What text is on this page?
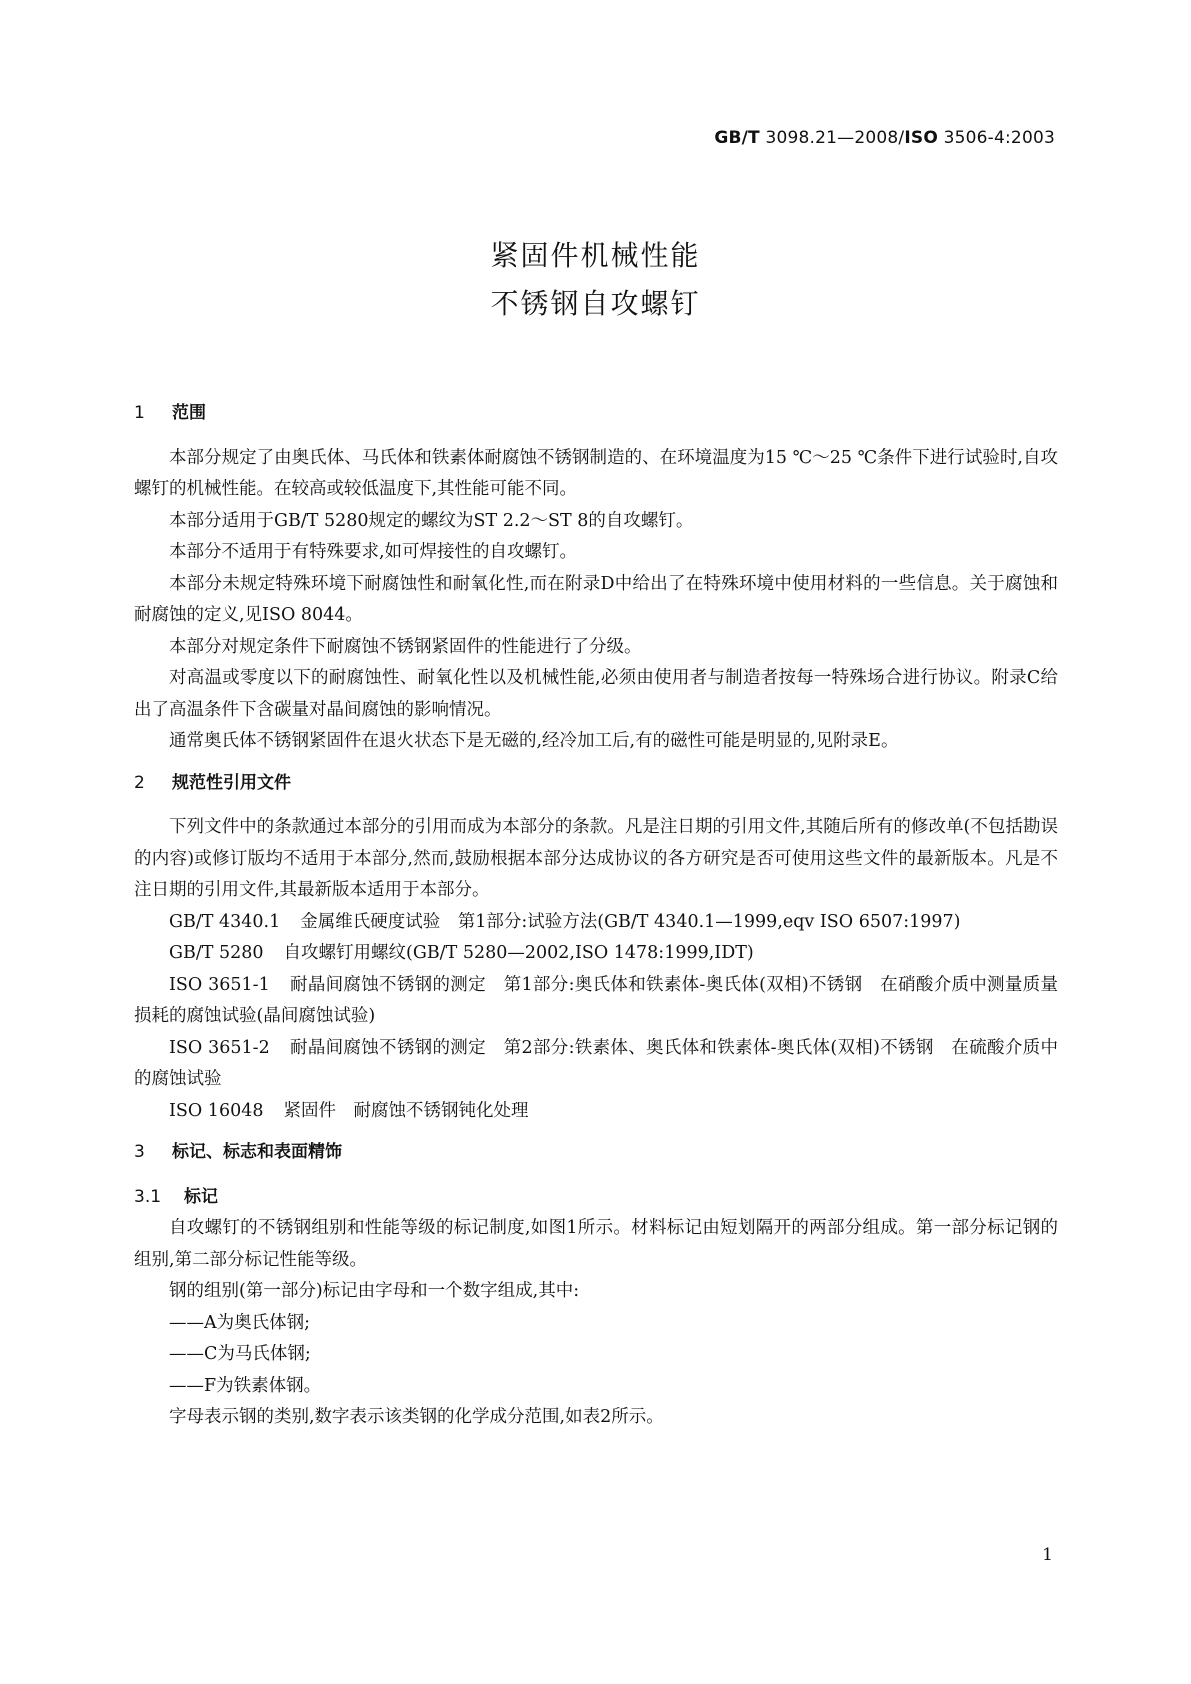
GB/T 3098.21—2008/ISO 3506-4:2003
紧固件机械性能
不锈钢自攻螺钉
1 范围

本部分规定了由奥氏体、马氏体和铁素体耐腐蚀不锈钢制造的、在环境温度为15 ℃～25 ℃条件下进行试验时,自攻螺钉的机械性能。在较高或较低温度下,其性能可能不同。

本部分适用于GB/T 5280规定的螺纹为ST 2.2～ST 8的自攻螺钉。

本部分不适用于有特殊要求,如可焊接性的自攻螺钉。

本部分未规定特殊环境下耐腐蚀性和耐氧化性,而在附录D中给出了在特殊环境中使用材料的一些信息。关于腐蚀和耐腐蚀的定义,见ISO 8044。

本部分对规定条件下耐腐蚀不锈钢紧固件的性能进行了分级。

对高温或零度以下的耐腐蚀性、耐氧化性以及机械性能,必须由使用者与制造者按每一特殊场合进行协议。附录C给出了高温条件下含碳量对晶间腐蚀的影响情况。

通常奥氏体不锈钢紧固件在退火状态下是无磁的,经冷加工后,有的磁性可能是明显的,见附录E。

2 规范性引用文件

下列文件中的条款通过本部分的引用而成为本部分的条款。凡是注日期的引用文件,其随后所有的修改单(不包括勘误的内容)或修订版均不适用于本部分,然而,鼓励根据本部分达成协议的各方研究是否可使用这些文件的最新版本。凡是不注日期的引用文件,其最新版本适用于本部分。

GB/T 4340.1 金属维氏硬度试验　第1部分:试验方法(GB/T 4340.1—1999,eqv ISO 6507:1997)

GB/T 5280 自攻螺钉用螺纹(GB/T 5280—2002,ISO 1478:1999,IDT)

ISO 3651-1 耐晶间腐蚀不锈钢的测定　第1部分:奥氏体和铁素体-奥氏体(双相)不锈钢　在硝酸介质中测量质量损耗的腐蚀试验(晶间腐蚀试验)

ISO 3651-2 耐晶间腐蚀不锈钢的测定　第2部分:铁素体、奥氏体和铁素体-奥氏体(双相)不锈钢　在硫酸介质中的腐蚀试验

ISO 16048 紧固件　耐腐蚀不锈钢钝化处理

3 标记、标志和表面精饰
3.1 标记

自攻螺钉的不锈钢组别和性能等级的标记制度,如图1所示。材料标记由短划隔开的两部分组成。第一部分标记钢的组别,第二部分标记性能等级。

钢的组别(第一部分)标记由字母和一个数字组成,其中:

——A为奥氏体钢;

——C为马氏体钢;

——F为铁素体钢。

字母表示钢的类别,数字表示该类钢的化学成分范围,如表2所示。

1
